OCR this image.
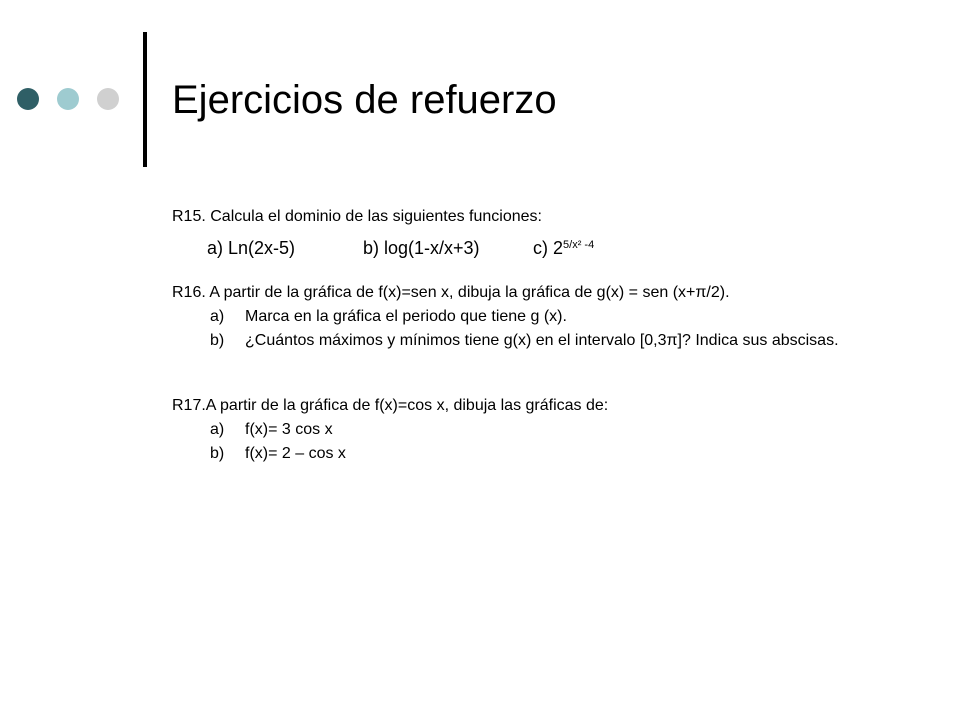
Ejercicios de refuerzo
R15. Calcula el dominio de las siguientes funciones:
a) Ln(2x-5)	b) log(1-x/x+3)	c) 25/x² -4
R16. A partir de la gráfica de f(x)=sen x, dibuja la gráfica de g(x) = sen (x+π/2).
a) Marca en la gráfica el periodo que tiene g (x).
b) ¿Cuántos máximos y mínimos tiene g(x) en el intervalo [0,3π]? Indica sus abscisas.
R17.A partir de la gráfica de f(x)=cos x, dibuja las gráficas de:
a) f(x)= 3 cos x
b) f(x)= 2 – cos x
